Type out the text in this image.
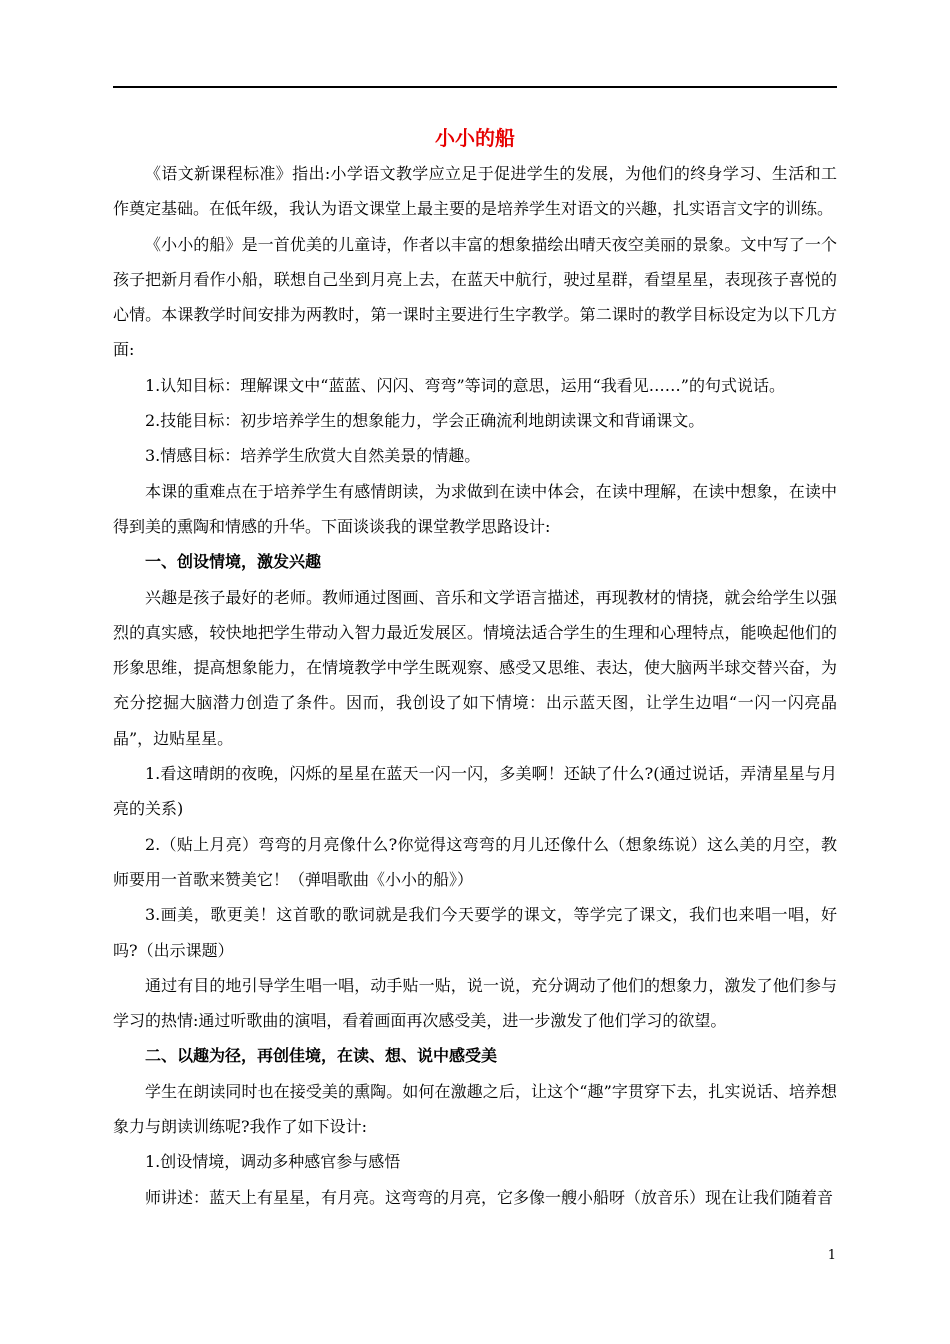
小小的船

《语文新课程标准》指出:小学语文教学应立足于促进学生的发展，为他们的终身学习、生活和工作奠定基础。在低年级，我认为语文课堂上最主要的是培养学生对语文的兴趣，扎实语言文字的训练。

《小小的船》是一首优美的儿童诗，作者以丰富的想象描绘出晴天夜空美丽的景象。文中写了一个孩子把新月看作小船，联想自己坐到月亮上去，在蓝天中航行，驶过星群，看望星星，表现孩子喜悦的心情。本课教学时间安排为两教时，第一课时主要进行生字教学。第二课时的教学目标设定为以下几方面:

1.认知目标：理解课文中“蓝蓝、闪闪、弯弯”等词的意思，运用“我看见……”的句式说话。

2.技能目标：初步培养学生的想象能力，学会正确流利地朗读课文和背诵课文。

3.情感目标：培养学生欣赏大自然美景的情趣。

本课的重难点在于培养学生有感情朗读，为求做到在读中体会，在读中理解，在读中想象，在读中得到美的熏陶和情感的升华。下面谈谈我的课堂教学思路设计:

一、创设情境，激发兴趣

兴趣是孩子最好的老师。教师通过图画、音乐和文学语言描述，再现教材的情挠，就会给学生以强烈的真实感，较快地把学生带动入智力最近发展区。情境法适合学生的生理和心理特点，能唤起他们的形象思维，提高想象能力，在情境教学中学生既观察、感受又思维、表达，使大脑两半球交替兴奋，为充分挖掘大脑潜力创造了条件。因而，我创设了如下情境：出示蓝天图，让学生边唱“一闪一闪亮晶晶”，边贴星星。

1.看这晴朗的夜晚，闪烁的星星在蓝天一闪一闪，多美啊！还缺了什么?(通过说话，弄清星星与月亮的关系)

2.（贴上月亮）弯弯的月亮像什么?你觉得这弯弯的月儿还像什么（想象练说）这么美的月空，教师要用一首歌来赞美它！（弹唱歌曲《小小的船》）

3.画美，歌更美！这首歌的歌词就是我们今天要学的课文，等学完了课文，我们也来唱一唱，好吗?（出示课题）

通过有目的地引导学生唱一唱，动手贴一贴，说一说，充分调动了他们的想象力，激发了他们参与学习的热情:通过听歌曲的演唱，看着画面再次感受美，进一步激发了他们学习的欲望。

二、以趣为径，再创佳境，在读、想、说中感受美

学生在朗读同时也在接受美的熏陶。如何在激趣之后，让这个“趣”字贯穿下去，扎实说话、培养想象力与朗读训练呢?我作了如下设计:

1.创设情境，调动多种感官参与感悟

师讲述：蓝天上有星星，有月亮。这弯弯的月亮，它多像一艘小船呀（放音乐）现在让我们随着音

1
